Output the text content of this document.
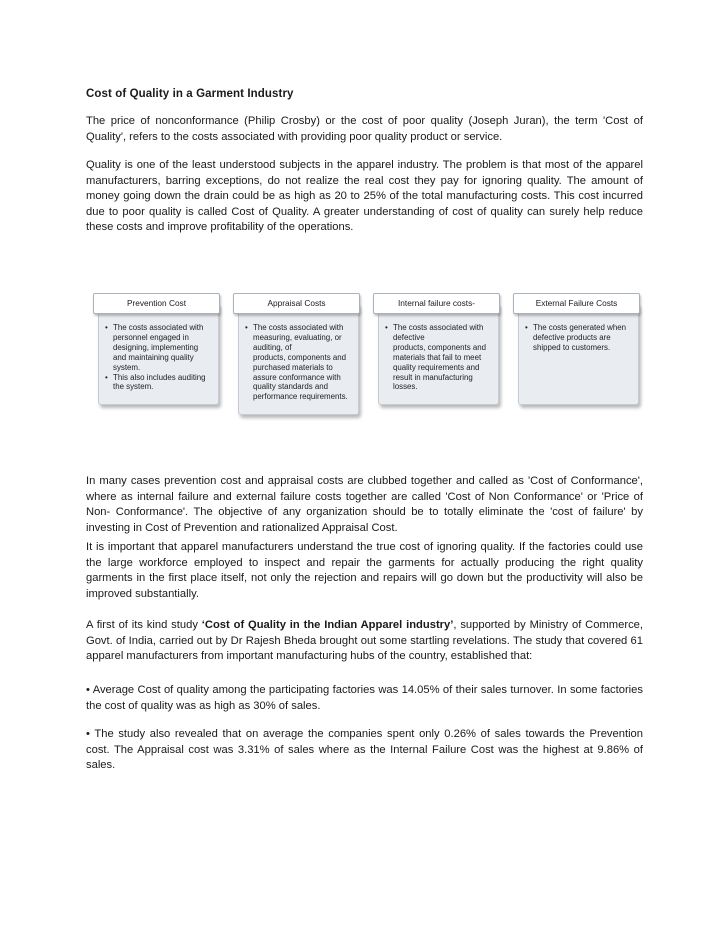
Cost of Quality in a Garment Industry

The price of nonconformance (Philip Crosby) or the cost of poor quality (Joseph Juran), the term 'Cost of Quality', refers to the costs associated with providing poor quality product or service.

Quality is one of the least understood subjects in the apparel industry. The problem is that most of the apparel manufacturers, barring exceptions, do not realize the real cost they pay for ignoring quality. The amount of money going down the drain could be as high as 20 to 25% of the total manufacturing costs. This cost incurred due to poor quality is called Cost of Quality. A greater understanding of cost of quality can surely help reduce these costs and improve profitability of the operations.

Prevention Cost
• The costs associated with
personnel engaged in
designing, implementing
and maintaining quality
system.
• This also includes auditing
the system.
Appraisal Costs
• The costs associated with
measuring, evaluating, or
auditing, of
products, components and
purchased materials to
assure conformance with
quality standards and
performance requirements.
Internal failure costs-
• The costs associated with
defective
products, components and
materials that fail to meet
quality requirements and
result in manufacturing
losses.
External Failure Costs
• The costs generated when
defective products are
shipped to customers.

In many cases prevention cost and appraisal costs are clubbed together and called as 'Cost of Conformance', where as internal failure and external failure costs together are called 'Cost of Non Conformance' or 'Price of Non- Conformance'. The objective of any organization should be to totally eliminate the 'cost of failure' by investing in Cost of Prevention and rationalized Appraisal Cost.

It is important that apparel manufacturers understand the true cost of ignoring quality. If the factories could use the large workforce employed to inspect and repair the garments for actually producing the right quality garments in the first place itself, not only the rejection and repairs will go down but the productivity will also be improved substantially.

A first of its kind study ‘Cost of Quality in the Indian Apparel industry’, supported by Ministry of Commerce, Govt. of India, carried out by Dr Rajesh Bheda brought out some startling revelations. The study that covered 61 apparel manufacturers from important manufacturing hubs of the country, established that:

• Average Cost of quality among the participating factories was 14.05% of their sales turnover. In some factories the cost of quality was as high as 30% of sales.

• The study also revealed that on average the companies spent only 0.26% of sales towards the Prevention cost. The Appraisal cost was 3.31% of sales where as the Internal Failure Cost was the highest at 9.86% of sales.
